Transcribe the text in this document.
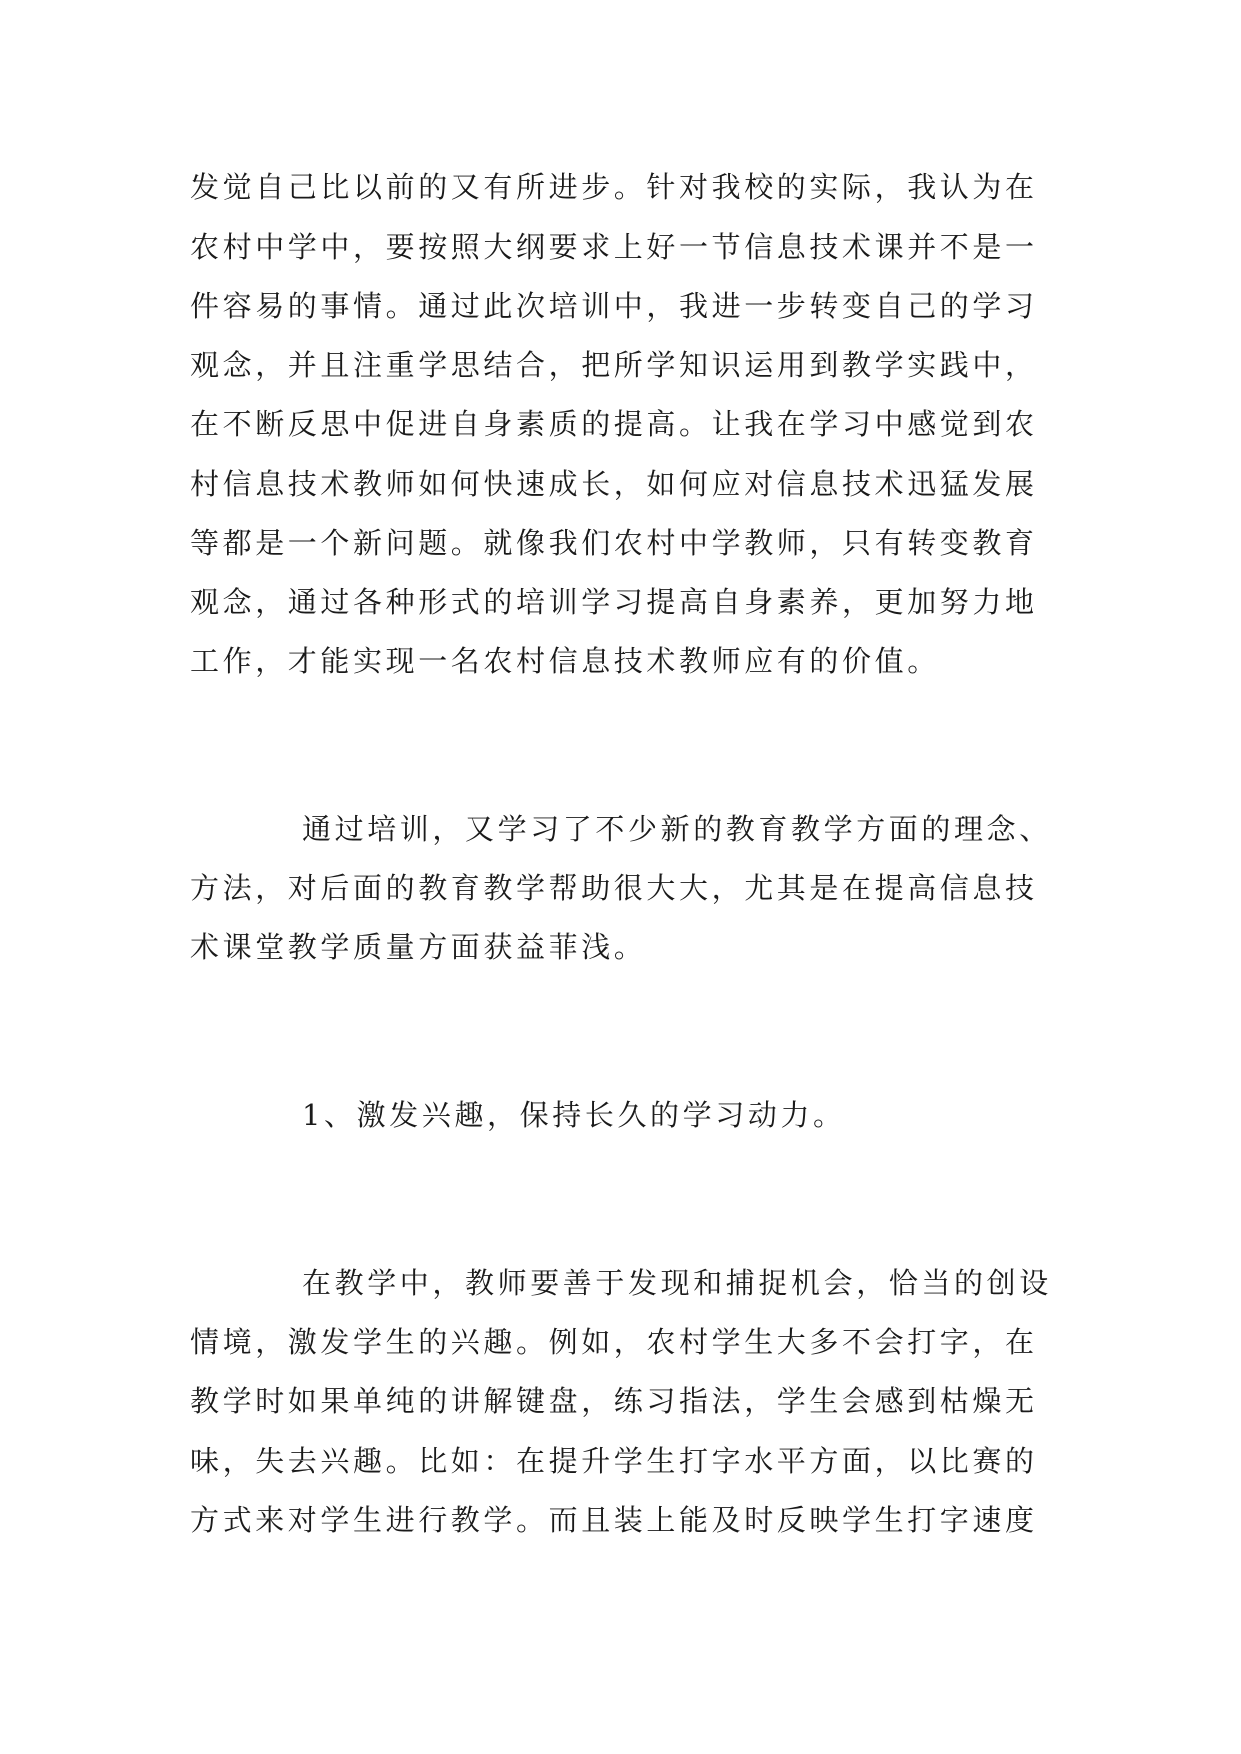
发觉自己比以前的又有所进步。针对我校的实际，我认为在
农村中学中，要按照大纲要求上好一节信息技术课并不是一
件容易的事情。通过此次培训中，我进一步转变自己的学习
观念，并且注重学思结合，把所学知识运用到教学实践中，
在不断反思中促进自身素质的提高。让我在学习中感觉到农
村信息技术教师如何快速成长，如何应对信息技术迅猛发展
等都是一个新问题。就像我们农村中学教师，只有转变教育
观念，通过各种形式的培训学习提高自身素养，更加努力地
工作，才能实现一名农村信息技术教师应有的价值。
通过培训，又学习了不少新的教育教学方面的理念、
方法，对后面的教育教学帮助很大大，尤其是在提高信息技
术课堂教学质量方面获益菲浅。
1、激发兴趣，保持长久的学习动力。
在教学中，教师要善于发现和捕捉机会，恰当的创设
情境，激发学生的兴趣。例如，农村学生大多不会打字，在
教学时如果单纯的讲解键盘，练习指法，学生会感到枯燥无
味，失去兴趣。比如：在提升学生打字水平方面，以比赛的
方式来对学生进行教学。而且装上能及时反映学生打字速度
